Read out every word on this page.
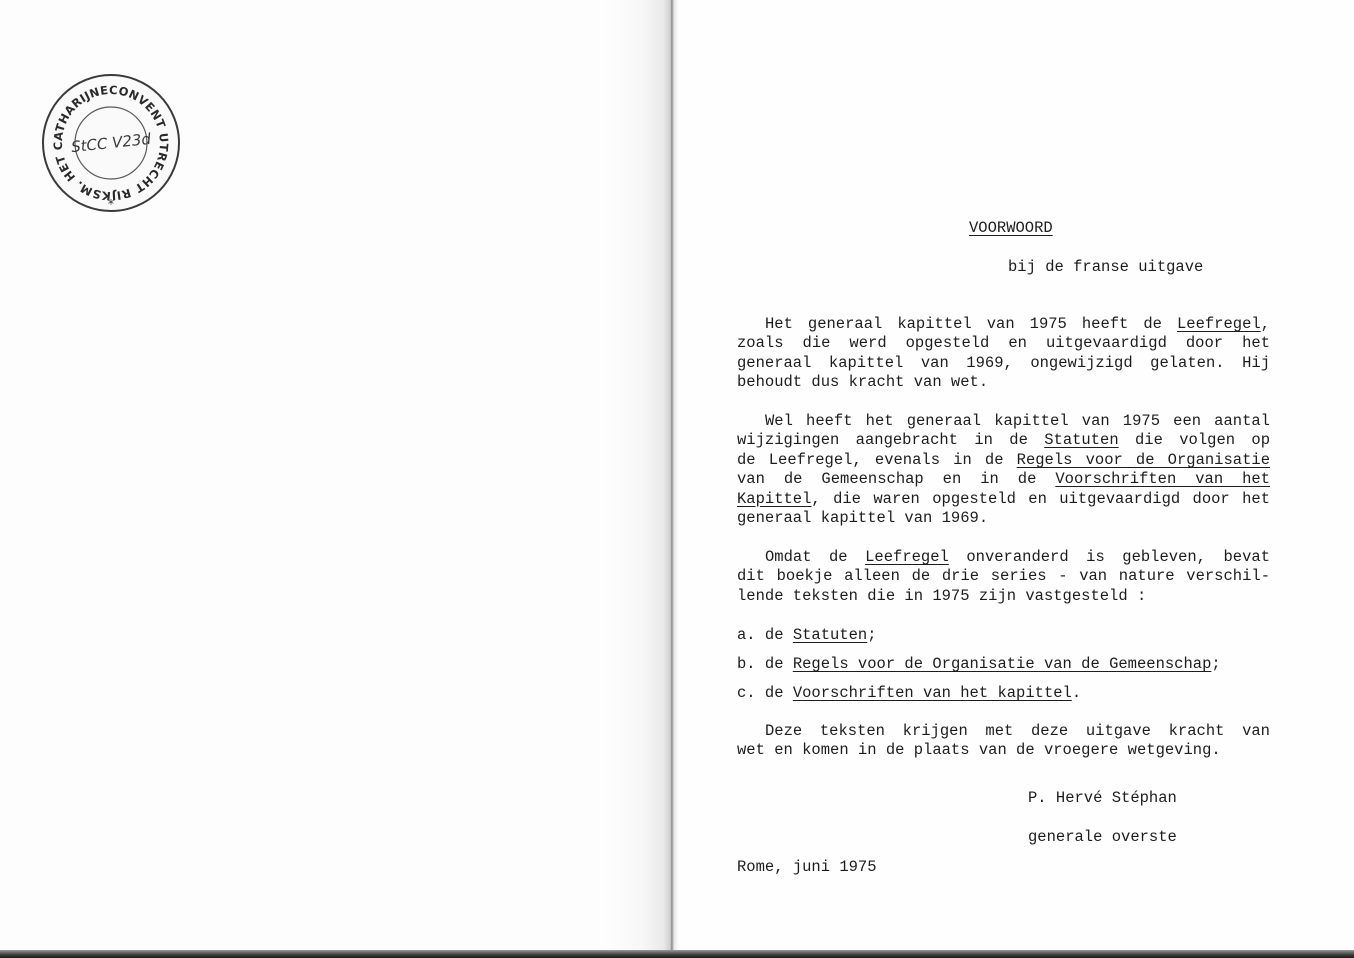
RIJKSM. HET CATHARIJNECONVENT UTRECHT
StCC V23d
*
VOORWOORD
bij de franse uitgave
Het generaal kapittel van 1975 heeft de Leefregel,
zoals die werd opgesteld en uitgevaardigd door het
generaal kapittel van 1969, ongewijzigd gelaten. Hij
behoudt dus kracht van wet.
Wel heeft het generaal kapittel van 1975 een aantal
wijzigingen aangebracht in de Statuten die volgen op
de Leefregel, evenals in de Regels voor de Organisatie
van de Gemeenschap en in de Voorschriften van het
Kapittel, die waren opgesteld en uitgevaardigd door het
generaal kapittel van 1969.
Omdat de Leefregel onveranderd is gebleven, bevat
dit boekje alleen de drie series - van nature verschil-
lende teksten die in 1975 zijn vastgesteld :
a. de Statuten;
b. de Regels voor de Organisatie van de Gemeenschap;
c. de Voorschriften van het kapittel.
Deze teksten krijgen met deze uitgave kracht van
wet en komen in de plaats van de vroegere wetgeving.
P. Hervé Stéphan
generale overste
Rome, juni 1975
